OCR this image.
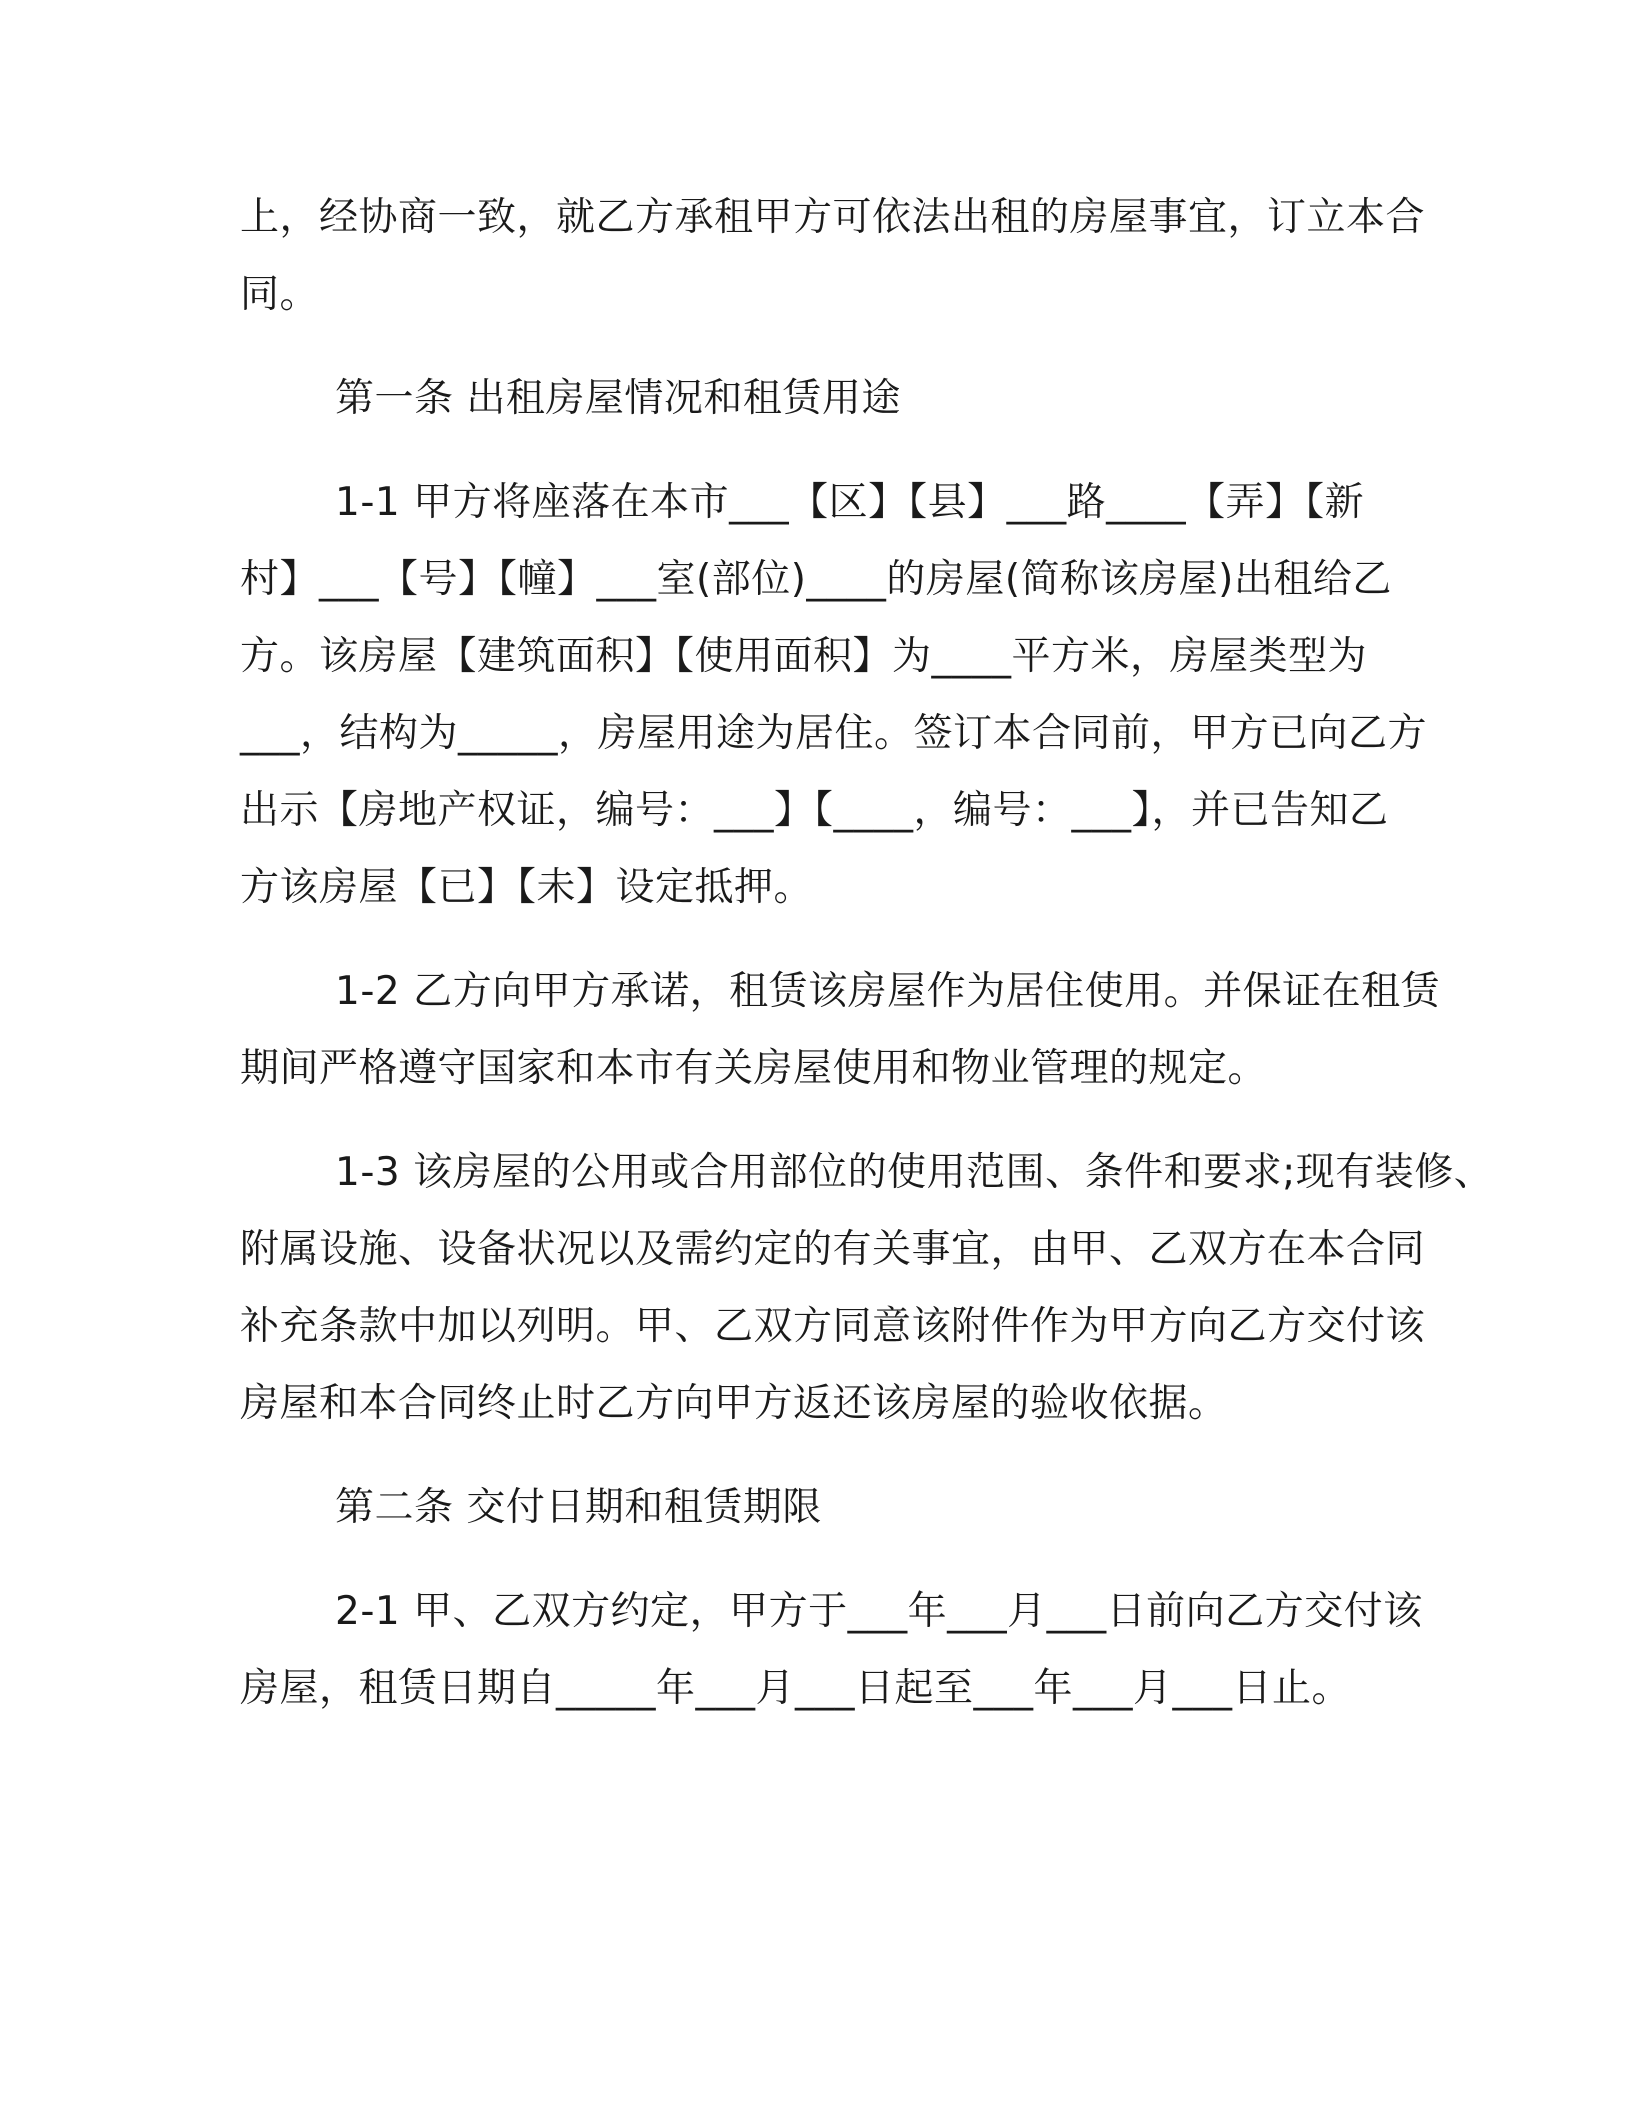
上，经协商一致，就乙方承租甲方可依法出租的房屋事宜，订立本合
同。
第一条 出租房屋情况和租赁用途
1-1 甲方将座落在本市___【区】【县】___路____【弄】【新
村】___【号】【幢】___室(部位)____的房屋(简称该房屋)出租给乙
方。该房屋【建筑面积】【使用面积】为____平方米，房屋类型为
___，结构为_____，房屋用途为居住。签订本合同前，甲方已向乙方
出示【房地产权证，编号：___】【____，编号：___】，并已告知乙
方该房屋【已】【未】设定抵押。
1-2 乙方向甲方承诺，租赁该房屋作为居住使用。并保证在租赁
期间严格遵守国家和本市有关房屋使用和物业管理的规定。
1-3 该房屋的公用或合用部位的使用范围、条件和要求;现有装修、
附属设施、设备状况以及需约定的有关事宜，由甲、乙双方在本合同
补充条款中加以列明。甲、乙双方同意该附件作为甲方向乙方交付该
房屋和本合同终止时乙方向甲方返还该房屋的验收依据。
第二条 交付日期和租赁期限
2-1 甲、乙双方约定，甲方于___年___月___日前向乙方交付该
房屋，租赁日期自_____年___月___日起至___年___月___日止。
